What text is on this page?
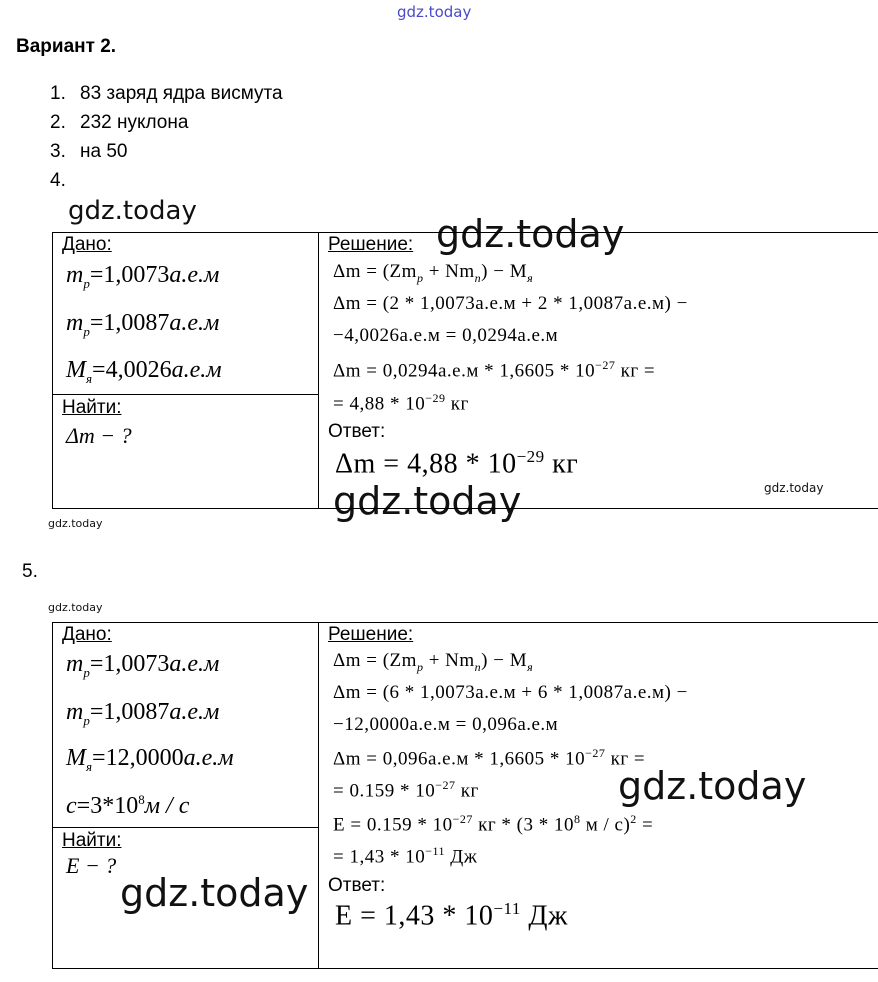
gdz.today
gdz.today
gdz.today
gdz.today
gdz.today
gdz.today
gdz.today
gdz.today
gdz.today
Вариант 2.
1. 83 заряд ядра висмута
2. 232 нуклона
3. на 50
4.
Дано:
$m_p=1,0073а.е.м$
$m_p=1,0087а.е.м$
$M_я=4,0026а.е.м$
Найти:
Δm − ?
Решение:
$\Delta m = (Zm_p + Nm_n) - M_я$
Δm = (2 * 1,0073а.е.м + 2 * 1,0087а.е.м) −
−4,0026а.е.м = 0,0294а.е.м
$\Delta m = 0,0294а.е.м * 1,6605 * 10^{-27}$ кг =
= $4,88 * 10^{-29}$ кг
Ответ:
$\Delta m = 4,88 * 10^{-29}$ кг
5.
Дано:
$m_p=1,0073а.е.м$
$m_p=1,0087а.е.м$
$M_я=12,0000а.е.м$
$c=3*10^8м / с$
Найти:
E − ?
Решение:
$\Delta m = (Zm_p + Nm_n) - M_я$
Δm = (6 * 1,0073а.е.м + 6 * 1,0087а.е.м) −
−12,0000а.е.м = 0,096а.е.м
$\Delta m = 0,096а.е.м * 1,6605 * 10^{-27}$ кг =
= $0.159 * 10^{-27}$ кг
$E = 0.159 * 10^{-27}$ кг * ($3 * 10^8$ м / с)$^2$ =
= $1,43 * 10^{-11}$ Дж
Ответ:
$E = 1,43 * 10^{-11}$ Дж
